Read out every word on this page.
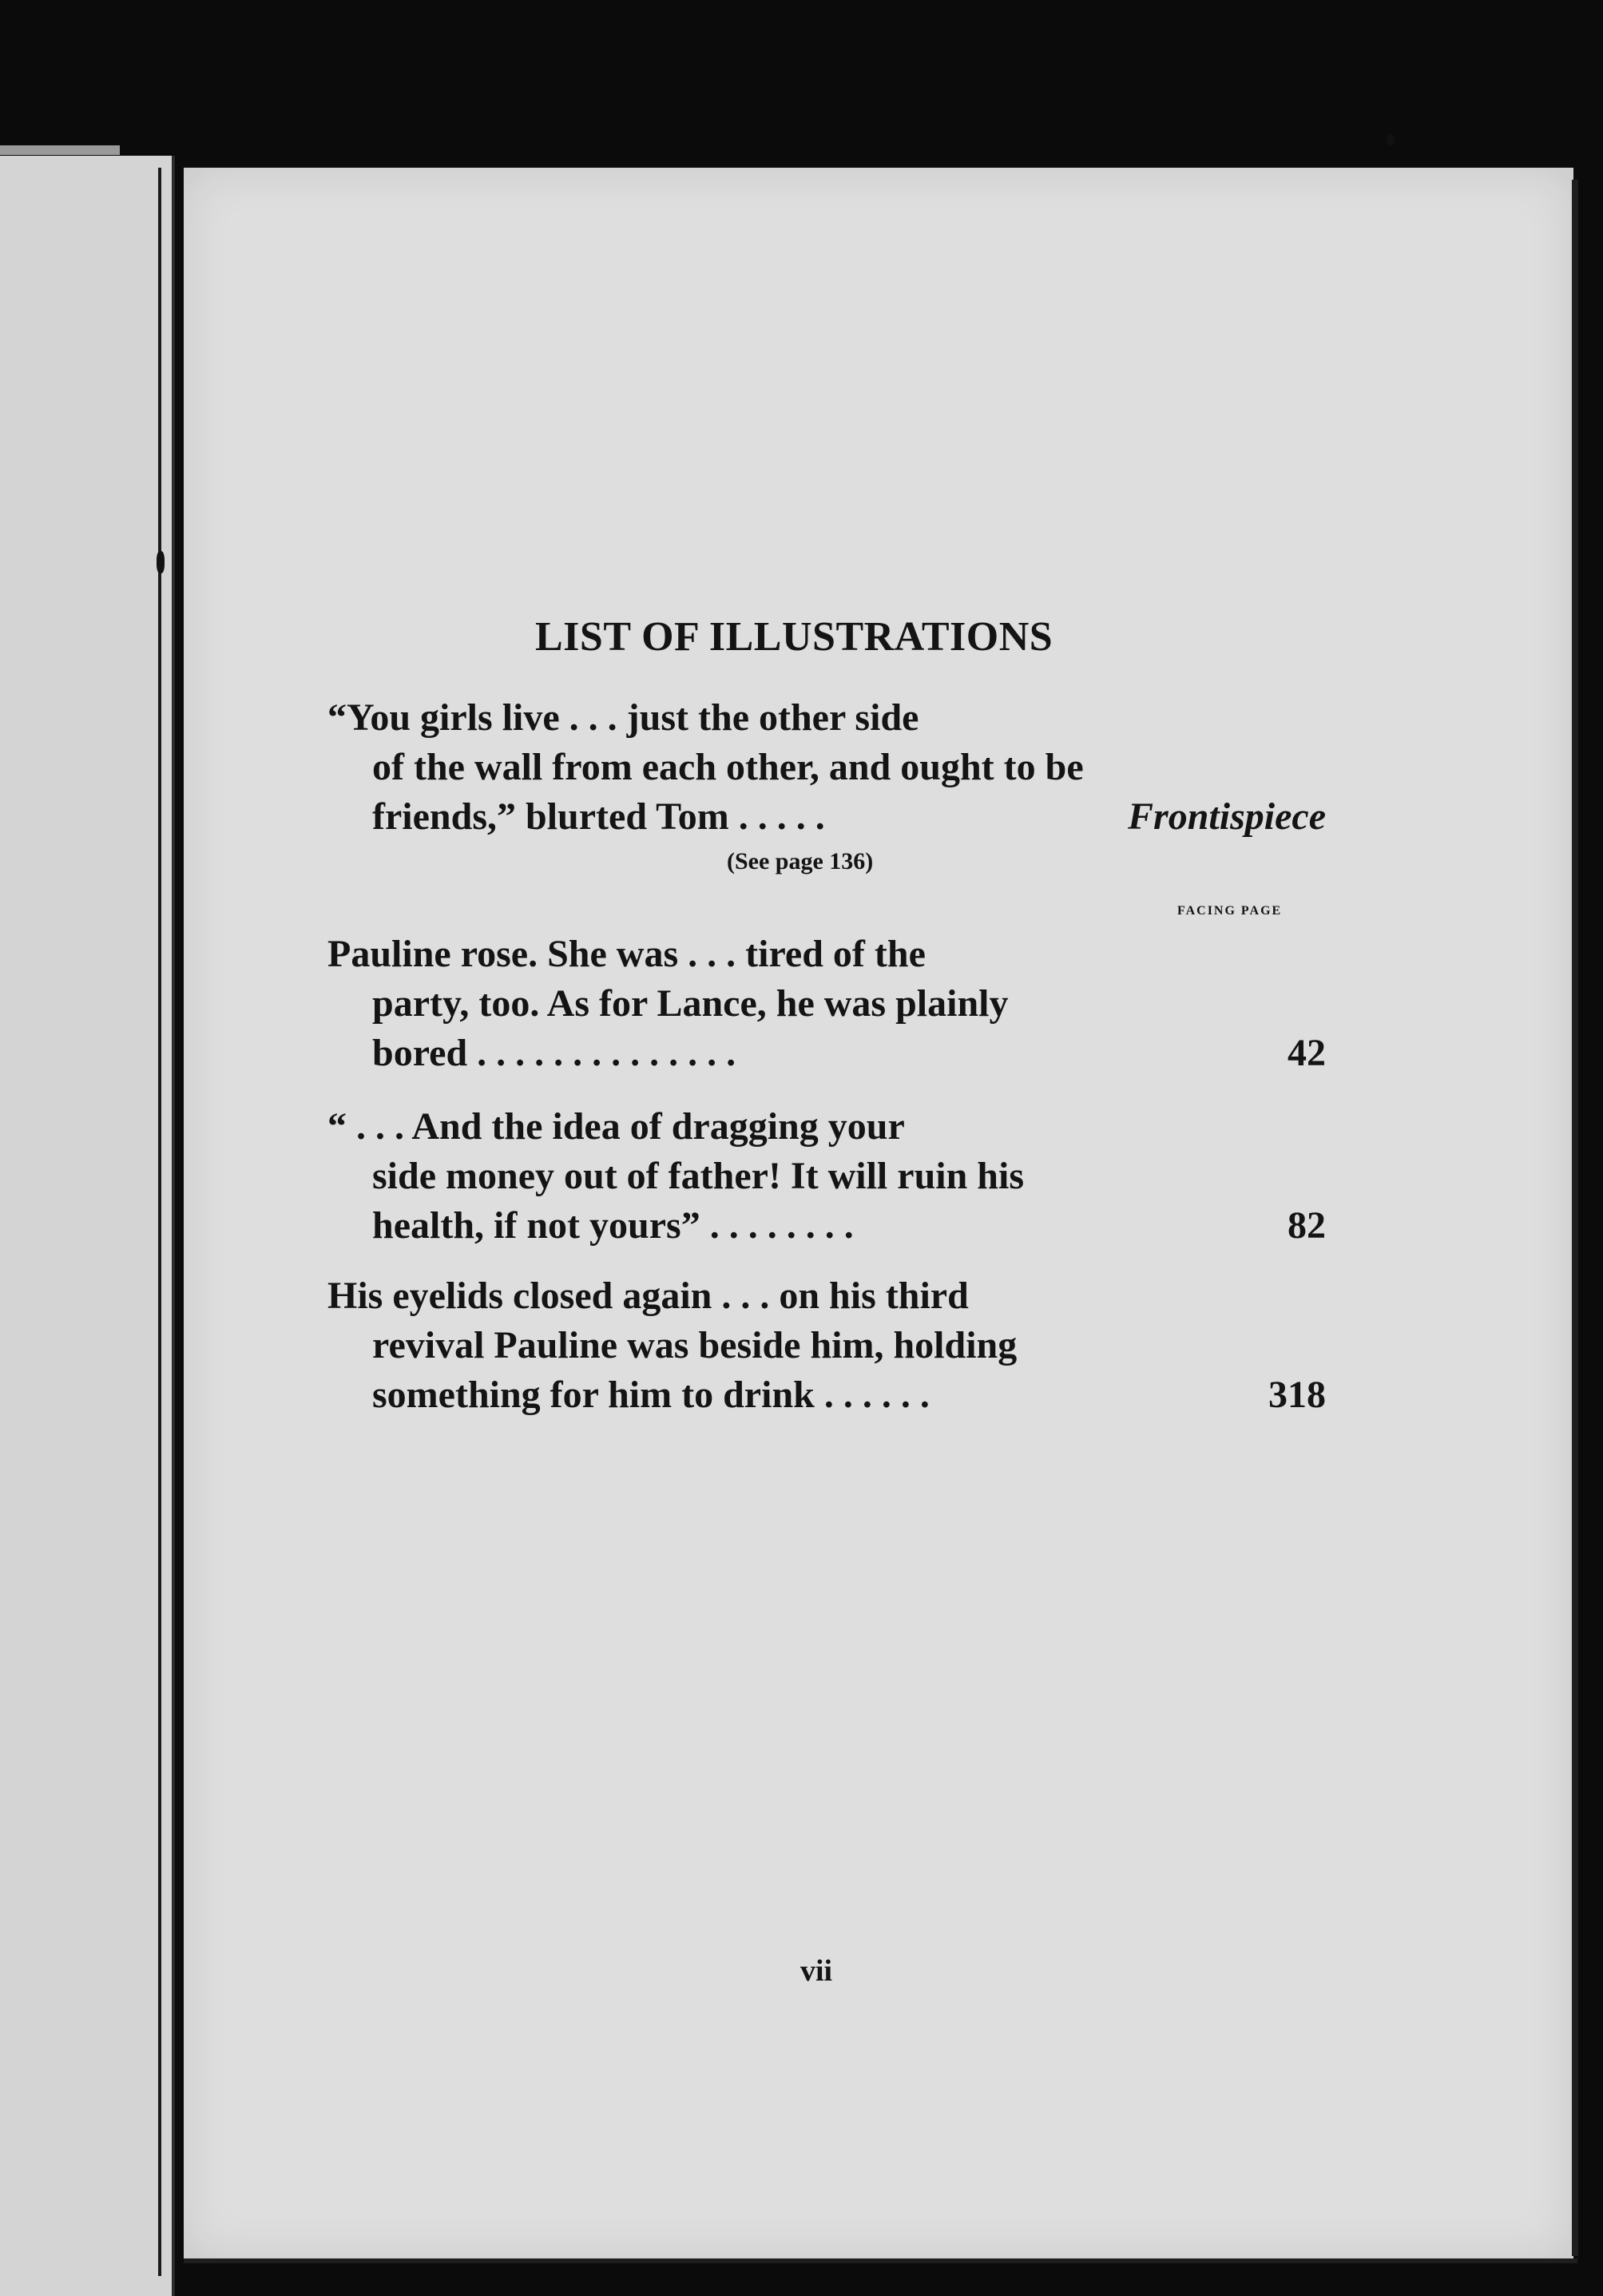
LIST OF ILLUSTRATIONS
“You girls live . . . just the other side
of the wall from each other, and ought to be
friends,” blurted Tom . . . . .	Frontispiece
(See page 136)
FACING PAGE
Pauline rose. She was . . . tired of the
party, too. As for Lance, he was plainly
bored . . . . . . . . . . . . . .	42
“ . . . And the idea of dragging your
side money out of father! It will ruin his
health, if not yours” . . . . . . . .	82
His eyelids closed again . . . on his third
revival Pauline was beside him, holding
something for him to drink . . . . . .	318
vii
